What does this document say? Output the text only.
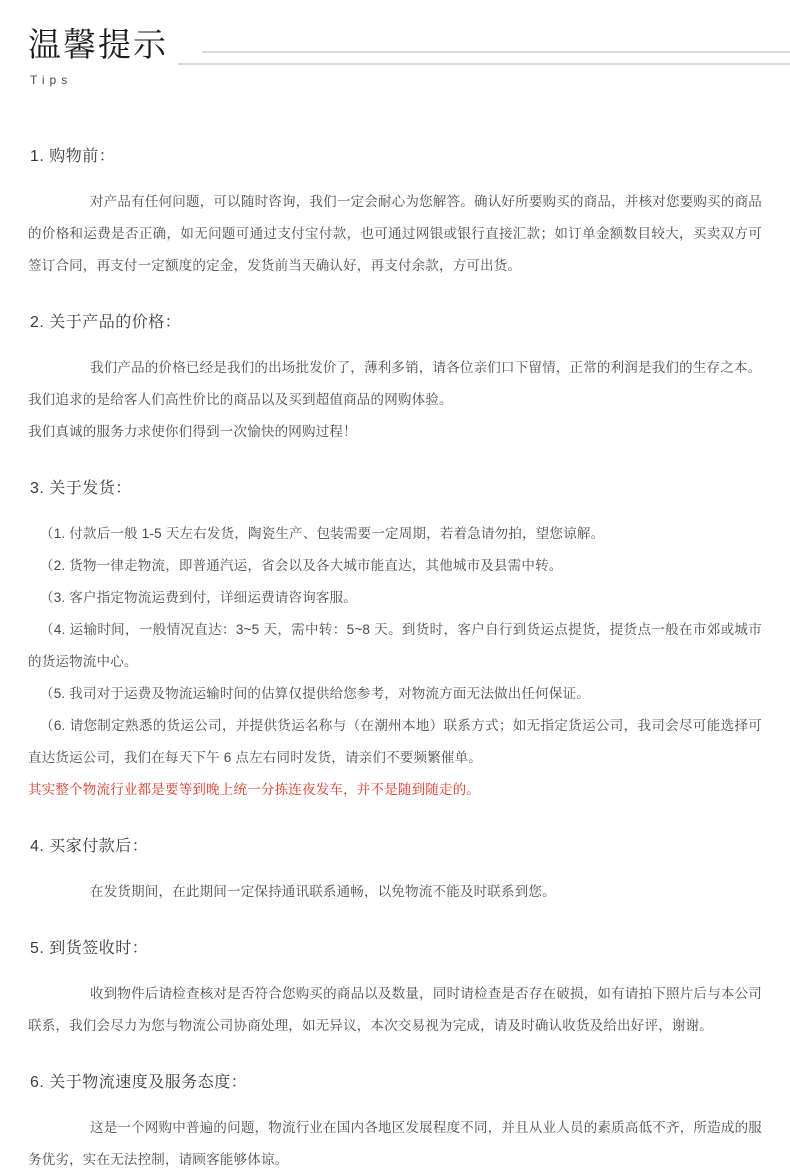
温馨提示
Tips
1. 购物前：

对产品有任何问题，可以随时咨询，我们一定会耐心为您解答。确认好所要购买的商品，并核对您要购买的商品的价格和运费是否正确，如无问题可通过支付宝付款，也可通过网银或银行直接汇款；如订单金额数目较大，买卖双方可签订合同，再支付一定额度的定金，发货前当天确认好，再支付余款，方可出货。

2. 关于产品的价格：

我们产品的价格已经是我们的出场批发价了，薄利多销，请各位亲们口下留情，正常的利润是我们的生存之本。

我们追求的是给客人们高性价比的商品以及买到超值商品的网购体验。

我们真诚的服务力求使你们得到一次愉快的网购过程！

3. 关于发货：
（1. 付款后一般 1-5 天左右发货，陶瓷生产、包装需要一定周期，若着急请勿拍，望您谅解。
（2. 货物一律走物流，即普通汽运，省会以及各大城市能直达，其他城市及县需中转。
（3. 客户指定物流运费到付，详细运费请咨询客服。
（4. 运输时间，一般情况直达：3~5 天，需中转：5~8 天。到货时，客户自行到货运点提货，提货点一般在市郊或城市的货运物流中心。
（5. 我司对于运费及物流运输时间的估算仅提供给您参考，对物流方面无法做出任何保证。
（6. 请您制定熟悉的货运公司，并提供货运名称与（在潮州本地）联系方式；如无指定货运公司，我司会尽可能选择可直达货运公司，我们在每天下午 6 点左右同时发货，请亲们不要频繁催单。

其实整个物流行业都是要等到晚上统一分拣连夜发车，并不是随到随走的。

4. 买家付款后：

在发货期间，在此期间一定保持通讯联系通畅，以免物流不能及时联系到您。

5. 到货签收时：

收到物件后请检查核对是否符合您购买的商品以及数量，同时请检查是否存在破损，如有请拍下照片后与本公司联系，我们会尽力为您与物流公司协商处理，如无异议，本次交易视为完成，请及时确认收货及给出好评，谢谢。

6. 关于物流速度及服务态度：

这是一个网购中普遍的问题，物流行业在国内各地区发展程度不同，并且从业人员的素质高低不齐，所造成的服务优劣，实在无法控制，请顾客能够体谅。
